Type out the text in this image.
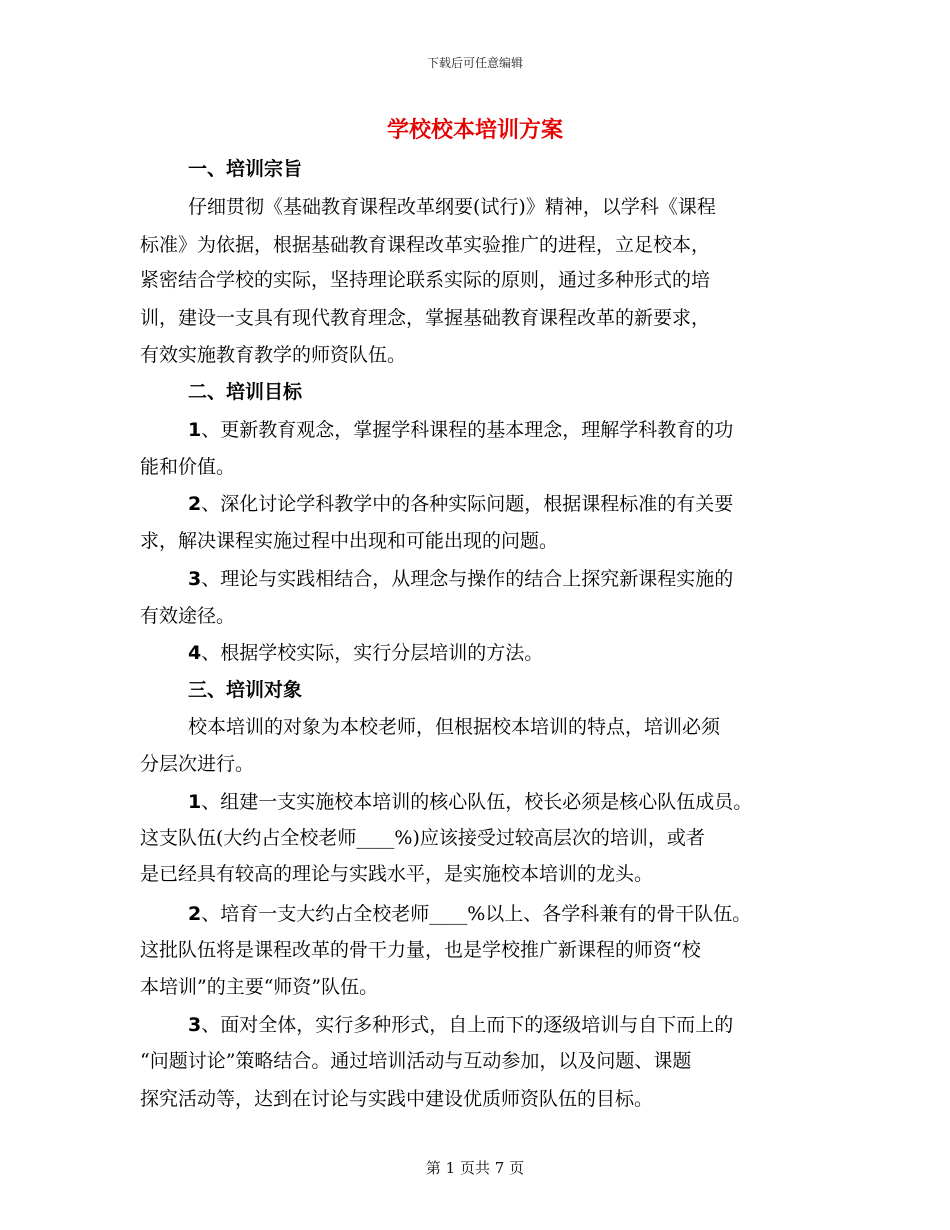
下载后可任意编辑
学校校本培训方案
一、培训宗旨
仔细贯彻《基础教育课程改革纲要(试行)》精神，以学科《课程
标准》为依据，根据基础教育课程改革实验推广的进程，立足校本，
紧密结合学校的实际，坚持理论联系实际的原则，通过多种形式的培
训，建设一支具有现代教育理念，掌握基础教育课程改革的新要求，
有效实施教育教学的师资队伍。
二、培训目标
1、更新教育观念，掌握学科课程的基本理念，理解学科教育的功
能和价值。
2、深化讨论学科教学中的各种实际问题，根据课程标准的有关要
求，解决课程实施过程中出现和可能出现的问题。
3、理论与实践相结合，从理念与操作的结合上探究新课程实施的
有效途径。
4、根据学校实际，实行分层培训的方法。
三、培训对象
校本培训的对象为本校老师，但根据校本培训的特点，培训必须
分层次进行。
1、组建一支实施校本培训的核心队伍，校长必须是核心队伍成员。
这支队伍(大约占全校老师____%)应该接受过较高层次的培训，或者
是已经具有较高的理论与实践水平，是实施校本培训的龙头。
2、培育一支大约占全校老师____%以上、各学科兼有的骨干队伍。
这批队伍将是课程改革的骨干力量，也是学校推广新课程的师资“校
本培训”的主要“师资”队伍。
3、面对全体，实行多种形式，自上而下的逐级培训与自下而上的
“问题讨论”策略结合。通过培训活动与互动参加，以及问题、课题
探究活动等，达到在讨论与实践中建设优质师资队伍的目标。
第 1 页共 7 页
